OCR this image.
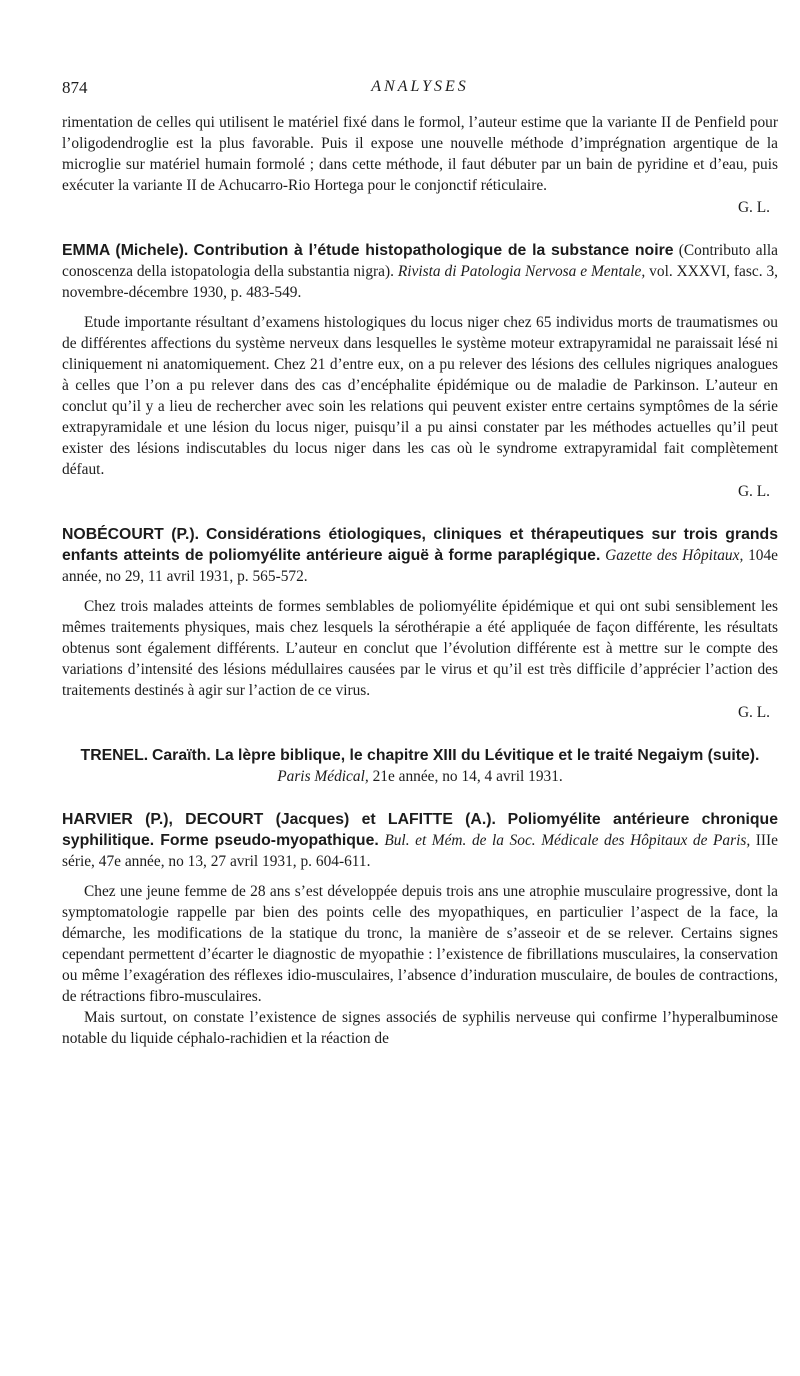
874	ANALYSES

rimentation de celles qui utilisent le matériel fixé dans le formol, l’auteur estime que la variante II de Penfield pour l’oligodendroglie est la plus favorable. Puis il expose une nouvelle méthode d’imprégnation argentique de la microglie sur matériel humain formolé ; dans cette méthode, il faut débuter par un bain de pyridine et d’eau, puis exécuter la variante II de Achucarro-Rio Hortega pour le conjonctif réticulaire.

G. L.

EMMA (Michele). Contribution à l’étude histopathologique de la substance noire (Contributo alla conoscenza della istopatologia della substantia nigra). Rivista di Patologia Nervosa e Mentale, vol. XXXVI, fasc. 3, novembre-décembre 1930, p. 483-549.

Etude importante résultant d’examens histologiques du locus niger chez 65 individus morts de traumatismes ou de différentes affections du système nerveux dans lesquelles le système moteur extrapyramidal ne paraissait lésé ni cliniquement ni anatomiquement. Chez 21 d’entre eux, on a pu relever des lésions des cellules nigriques analogues à celles que l’on a pu relever dans des cas d’encéphalite épidémique ou de maladie de Parkinson. L’auteur en conclut qu’il y a lieu de rechercher avec soin les relations qui peuvent exister entre certains symptômes de la série extrapyramidale et une lésion du locus niger, puisqu’il a pu ainsi constater par les méthodes actuelles qu’il peut exister des lésions indiscutables du locus niger dans les cas où le syndrome extrapyramidal fait complètement défaut.

G. L.

NOBÉCOURT (P.). Considérations étiologiques, cliniques et thérapeutiques sur trois grands enfants atteints de poliomyélite antérieure aiguë à forme paraplégique. Gazette des Hôpitaux, 104e année, no 29, 11 avril 1931, p. 565-572.

Chez trois malades atteints de formes semblables de poliomyélite épidémique et qui ont subi sensiblement les mêmes traitements physiques, mais chez lesquels la sérothérapie a été appliquée de façon différente, les résultats obtenus sont également différents. L’auteur en conclut que l’évolution différente est à mettre sur le compte des variations d’intensité des lésions médullaires causées par le virus et qu’il est très difficile d’apprécier l’action des traitements destinés à agir sur l’action de ce virus.

G. L.

TRENEL. Caraïth. La lèpre biblique, le chapitre XIII du Lévitique et le traité Negaiym (suite). Paris Médical, 21e année, no 14, 4 avril 1931.

HARVIER (P.), DECOURT (Jacques) et LAFITTE (A.). Poliomyélite antérieure chronique syphilitique. Forme pseudo-myopathique. Bul. et Mém. de la Soc. Médicale des Hôpitaux de Paris, IIIe série, 47e année, no 13, 27 avril 1931, p. 604-611.

Chez une jeune femme de 28 ans s’est développée depuis trois ans une atrophie musculaire progressive, dont la symptomatologie rappelle par bien des points celle des myopathiques, en particulier l’aspect de la face, la démarche, les modifications de la statique du tronc, la manière de s’asseoir et de se relever. Certains signes cependant permettent d’écarter le diagnostic de myopathie : l’existence de fibrillations musculaires, la conservation ou même l’exagération des réflexes idio-musculaires, l’absence d’induration musculaire, de boules de contractions, de rétractions fibro-musculaires.

Mais surtout, on constate l’existence de signes associés de syphilis nerveuse qui confirme l’hyperalbuminose notable du liquide céphalo-rachidien et la réaction de
